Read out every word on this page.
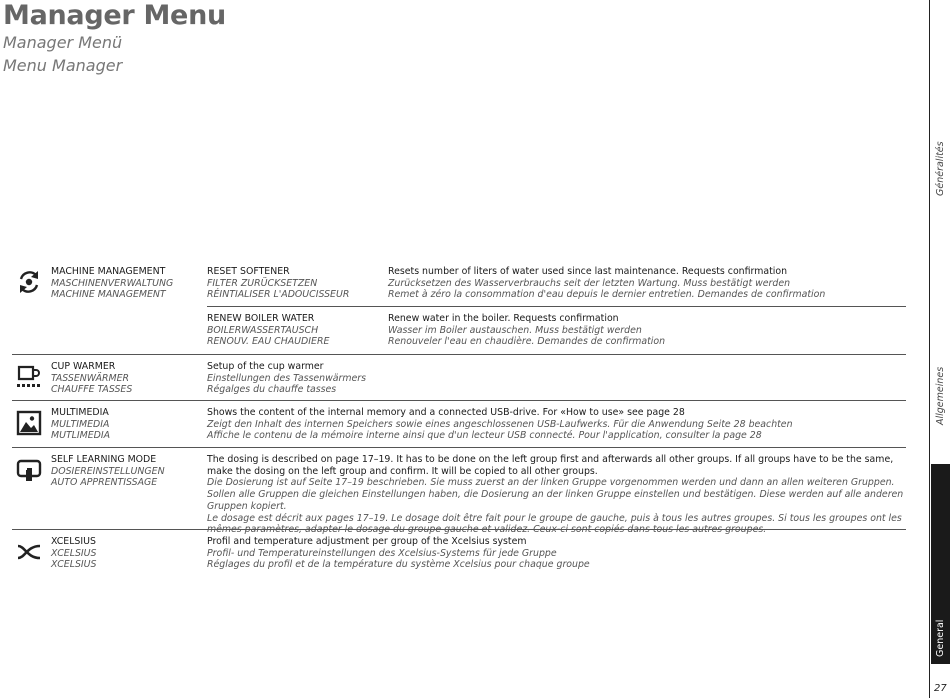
Manager Menu
Manager Menü
Menu Manager
MACHINE MANAGEMENT
MASCHINENVERWALTUNG
MACHINE MANAGEMENT
RESET SOFTENER
FILTER ZURÜCKSETZEN
RÉINTIALISER L'ADOUCISSEUR
Resets number of liters of water used since last maintenance. Requests confirmation
Zurücksetzen des Wasserverbrauchs seit der letzten Wartung. Muss bestätigt werden
Remet à zéro la consommation d'eau depuis le dernier entretien. Demandes de confirmation
RENEW BOILER WATER
BOILERWASSERTAUSCH
RENOUV. EAU CHAUDIERE
Renew water in the boiler. Requests confirmation
Wasser im Boiler austauschen. Muss bestätigt werden
Renouveler l'eau en chaudière. Demandes de confirmation
CUP WARMER
TASSENWÄRMER
CHAUFFE TASSES
Setup of the cup warmer
Einstellungen des Tassenwärmers
Régalges du chauffe tasses
MULTIMEDIA
MULTIMEDIA
MUTLIMEDIA
Shows the content of the internal memory and a connected USB-drive. For «How to use» see page 28
Zeigt den Inhalt des internen Speichers sowie eines angeschlossenen USB-Laufwerks. Für die Anwendung Seite 28 beachten
Affiche le contenu de la mémoire interne ainsi que d'un lecteur USB connecté. Pour l'application, consulter la page 28
SELF LEARNING MODE
DOSIEREINSTELLUNGEN
AUTO APPRENTISSAGE
The dosing is described on page 17–19. It has to be done on the left group first and afterwards all other groups. If all groups have to be the same, make the dosing on the left group and confirm. It will be copied to all other groups.
Die Dosierung ist auf Seite 17–19 beschrieben. Sie muss zuerst an der linken Gruppe vorgenommen werden und dann an allen weiteren Gruppen. Sollen alle Gruppen die gleichen Einstellungen haben, die Dosierung an der linken Gruppe einstellen und bestätigen. Diese werden auf alle anderen Gruppen kopiert.
Le dosage est décrit aux pages 17–19. Le dosage doit être fait pour le groupe de gauche, puis à tous les autres groupes. Si tous les groupes ont les mêmes paramètres, adapter le dosage du groupe gauche et validez. Ceux-ci sont copiés dans tous les autres groupes.
XCELSIUS
XCELSIUS
XCELSIUS
Profil and temperature adjustment per group of the Xcelsius system
Profil- und Temperatureinstellungen des Xcelsius-Systems für jede Gruppe
Réglages du profil et de la température du système Xcelsius pour chaque groupe
Généralités
Allgemeines
General
27
